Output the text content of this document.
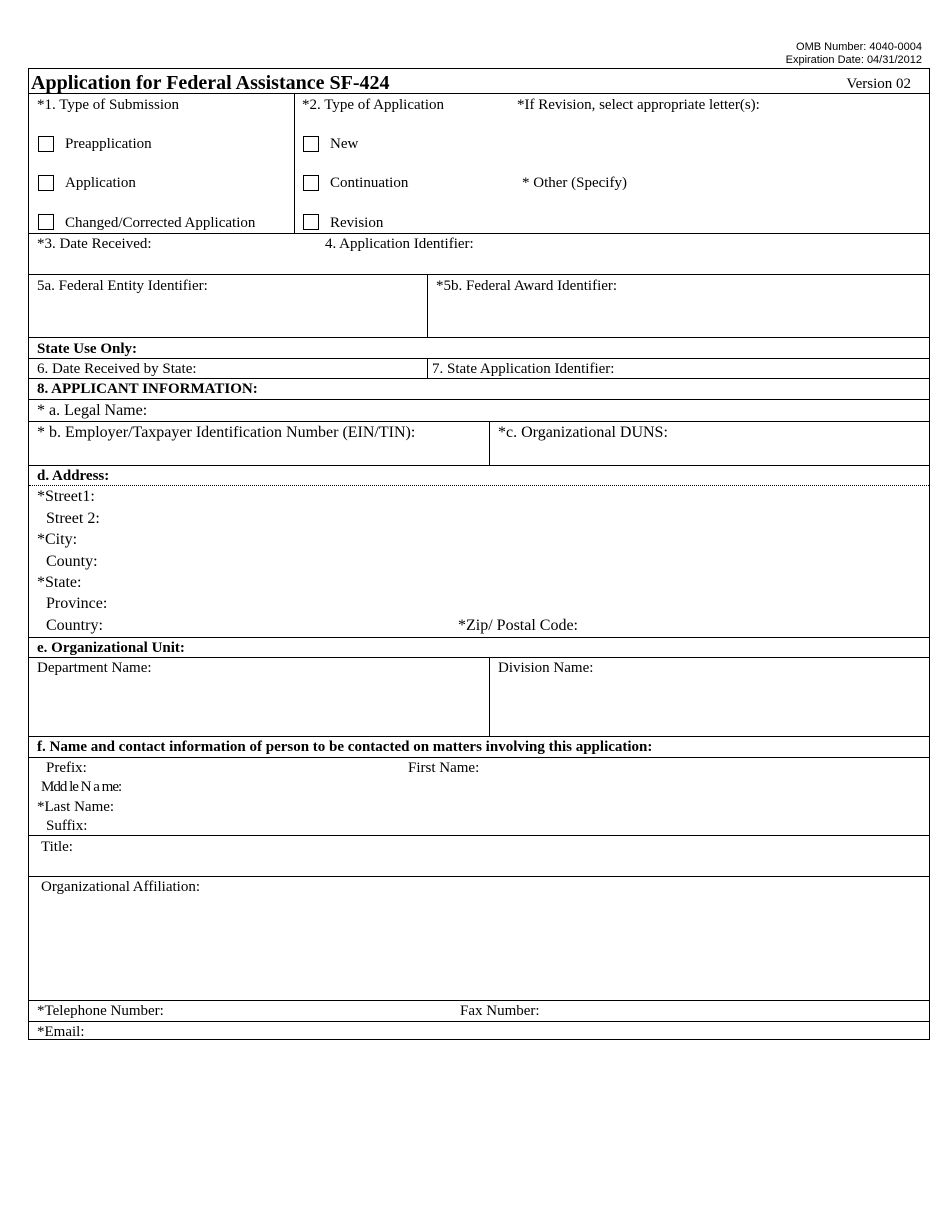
OMB Number: 4040-0004
Expiration Date: 04/31/2012
Application for Federal Assistance SF-424	Version 02
*1. Type of Submission
Preapplication
Application
Changed/Corrected Application
*2. Type of Application	*If Revision, select appropriate letter(s):
New
Continuation	* Other (Specify)
Revision
*3. Date Received:	4. Application Identifier:
5a. Federal Entity Identifier:	*5b. Federal Award Identifier:
State Use Only:
6. Date Received by State:	7. State Application Identifier:
8. APPLICANT INFORMATION:
* a. Legal Name:
* b. Employer/Taxpayer Identification Number (EIN/TIN):	*c. Organizational DUNS:
d. Address:
*Street1:
Street 2:
*City:
County:
*State:
Province:
Country:	*Zip/ Postal Code:
e. Organizational Unit:
Department Name:	Division Name:
f. Name and contact information of person to be contacted on matters involving this application:
Prefix:	First Name:
Mdd le N a me:
*Last Name:
Suffix:
Title:
Organizational Affiliation:
*Telephone Number:	Fax Number:
*Email:
